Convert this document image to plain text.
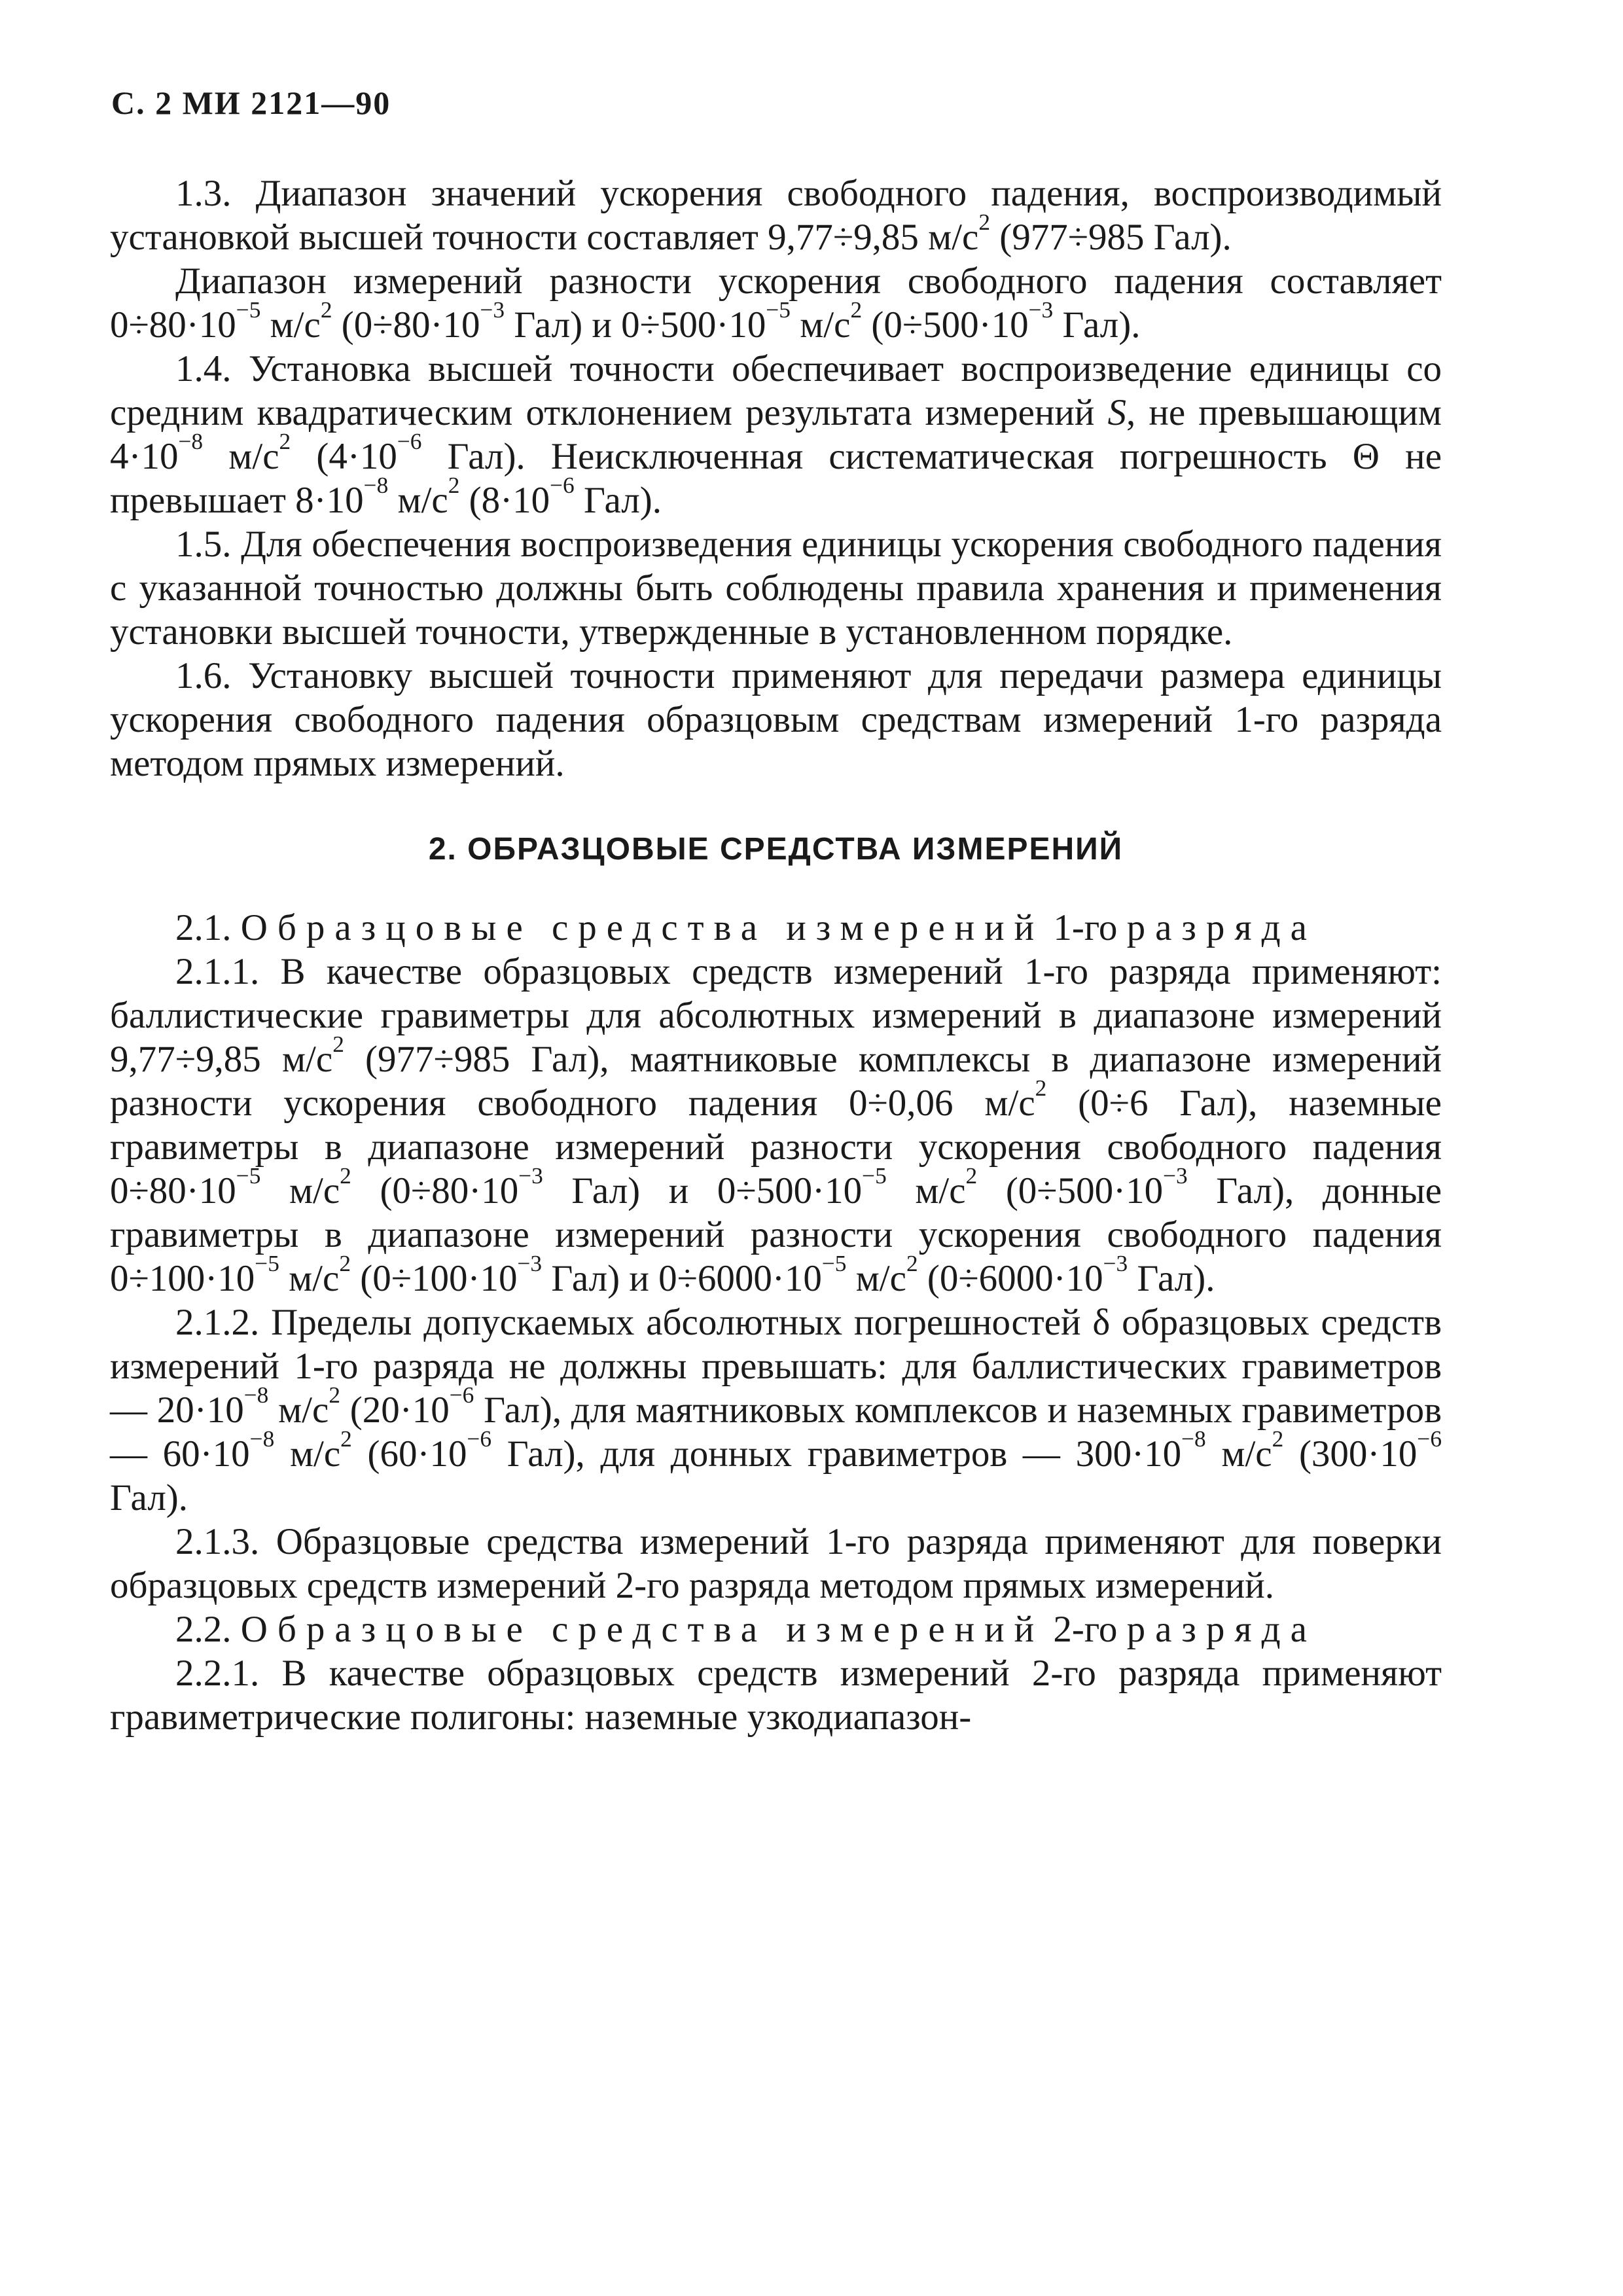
С. 2 МИ 2121—90

1.3. Диапазон значений ускорения свободного падения, воспроизводимый установкой высшей точности составляет 9,77÷9,85 $м/с^2$ (977÷985 Гал).

Диапазон измерений разности ускорения свободного падения составляет $0\div 80\cdot 10^{-5}$ $м/с^2$ ($0\div 80\cdot 10^{-3}$ Гал) и $0\div 500\cdot 10^{-5}$ $м/с^2$ ($0\div 500\cdot 10^{-3}$ Гал).

1.4. Установка высшей точности обеспечивает воспроизведение единицы со средним квадратическим отклонением результата измерений S, не превышающим $4\cdot 10^{-8}$ $м/с^2$ ($4\cdot 10^{-6}$ Гал). Неисключенная систематическая погрешность Θ не превышает $8\cdot 10^{-8}$ $м/с^2$ ($8\cdot 10^{-6}$ Гал).

1.5. Для обеспечения воспроизведения единицы ускорения свободного падения с указанной точностью должны быть соблюдены правила хранения и применения установки высшей точности, утвержденные в установленном порядке.

1.6. Установку высшей точности применяют для передачи размера единицы ускорения свободного падения образцовым средствам измерений 1-го разряда методом прямых измерений.

2. ОБРАЗЦОВЫЕ СРЕДСТВА ИЗМЕРЕНИЙ

2.1. Образцовые средства измерений 1-го разряда

2.1.1. В качестве образцовых средств измерений 1-го разряда применяют: баллистические гравиметры для абсолютных измерений в диапазоне измерений 9,77÷9,85 $м/с^2$ (977÷985 Гал), маятниковые комплексы в диапазоне измерений разности ускорения свободного падения 0÷0,06 $м/с^2$ (0÷6 Гал), наземные гравиметры в диапазоне измерений разности ускорения свободного падения $0\div 80\cdot 10^{-5}$ $м/с^2$ ($0\div 80\cdot 10^{-3}$ Гал) и $0\div 500\cdot 10^{-5}$ $м/с^2$ ($0\div 500\cdot 10^{-3}$ Гал), донные гравиметры в диапазоне измерений разности ускорения свободного падения $0\div 100\cdot 10^{-5}$ $м/с^2$ ($0\div 100\cdot 10^{-3}$ Гал) и $0\div 6000\cdot 10^{-5}$ $м/с^2$ ($0\div 6000\cdot 10^{-3}$ Гал).

2.1.2. Пределы допускаемых абсолютных погрешностей δ образцовых средств измерений 1-го разряда не должны превышать: для баллистических гравиметров — $20\cdot 10^{-8}$ $м/с^2$ ($20\cdot 10^{-6}$ Гал), для маятниковых комплексов и наземных гравиметров — $60\cdot 10^{-8}$ $м/с^2$ ($60\cdot 10^{-6}$ Гал), для донных гравиметров — $300\cdot 10^{-8}$ $м/с^2$ ($300\cdot 10^{-6}$ Гал).

2.1.3. Образцовые средства измерений 1-го разряда применяют для поверки образцовых средств измерений 2-го разряда методом прямых измерений.

2.2. Образцовые средства измерений 2-го разряда

2.2.1. В качестве образцовых средств измерений 2-го разряда применяют гравиметрические полигоны: наземные узкодиапазон-
